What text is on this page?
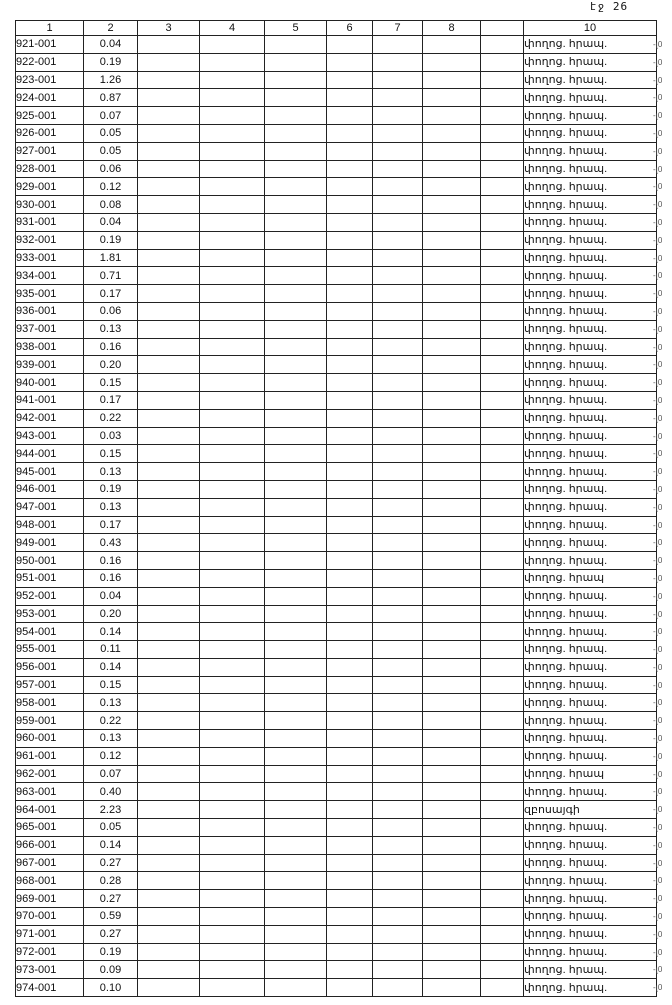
էջ 26
1	2	3	4	5	6	7	8		10
921-001	0.04								փողոց. հրապ.
922-001	0.19								փողոց. հրապ.
923-001	1.26								փողոց. հրապ.
924-001	0.87								փողոց. հրապ.
925-001	0.07								փողոց. հրապ.
926-001	0.05								փողոց. հրապ.
927-001	0.05								փողոց. հրապ.
928-001	0.06								փողոց. հրապ.
929-001	0.12								փողոց. հրապ.
930-001	0.08								փողոց. հրապ.
931-001	0.04								փողոց. հրապ.
932-001	0.19								փողոց. հրապ.
933-001	1.81								փողոց. հրապ.
934-001	0.71								փողոց. հրապ.
935-001	0.17								փողոց. հրապ.
936-001	0.06								փողոց. հրապ.
937-001	0.13								փողոց. հրապ.
938-001	0.16								փողոց. հրապ.
939-001	0.20								փողոց. հրապ.
940-001	0.15								փողոց. հրապ.
941-001	0.17								փողոց. հրապ.
942-001	0.22								փողոց. հրապ.
943-001	0.03								փողոց. հրապ.
944-001	0.15								փողոց. հրապ.
945-001	0.13								փողոց. հրապ.
946-001	0.19								փողոց. հրապ.
947-001	0.13								փողոց. հրապ.
948-001	0.17								փողոց. հրապ.
949-001	0.43								փողոց. հրապ.
950-001	0.16								փողոց. հրապ.
951-001	0.16								փողոց. հրապ
952-001	0.04								փողոց. հրապ.
953-001	0.20								փողոց. հրապ.
954-001	0.14								փողոց. հրապ.
955-001	0.11								փողոց. հրապ.
956-001	0.14								փողոց. հրապ.
957-001	0.15								փողոց. հրապ.
958-001	0.13								փողոց. հրապ.
959-001	0.22								փողոց. հրապ.
960-001	0.13								փողոց. հրապ.
961-001	0.12								փողոց. հրապ.
962-001	0.07								փողոց. հրապ
963-001	0.40								փողոց. հրապ.
964-001	2.23								զբոսայգի
965-001	0.05								փողոց. հրապ.
966-001	0.14								փողոց. հրապ.
967-001	0.27								փողոց. հրապ.
968-001	0.28								փողոց. հրապ.
969-001	0.27								փողոց. հրապ.
970-001	0.59								փողոց. հրապ.
971-001	0.27								փողոց. հրապ.
972-001	0.19								փողոց. հրապ.
973-001	0.09								փողոց. հրապ.
974-001	0.10								փողոց. հրապ.
-լ0
-լ0
-լ0
-լ0
-լ0
-լ0
-լ0
-լ0
-լ0
-լ0
-լ0
-լ0
-լ0
-լ0
-լ0
-լ0
-լ0
-լ0
-լ0
-լ0
-լ0
-լ0
-լ0
-լ0
-լ0
-լ0
-լ0
-լ0
-լ0
-լ0
-լ0
-լ0
-լ0
-լ0
-լ0
-լ0
-լ0
-լ0
-լ0
-լ0
-լ0
-լ0
-լ0
-լ0
-լ0
-լ0
-լ0
-լ0
-լ0
-լ0
-լ0
-լ0
-լ0
-լ0
